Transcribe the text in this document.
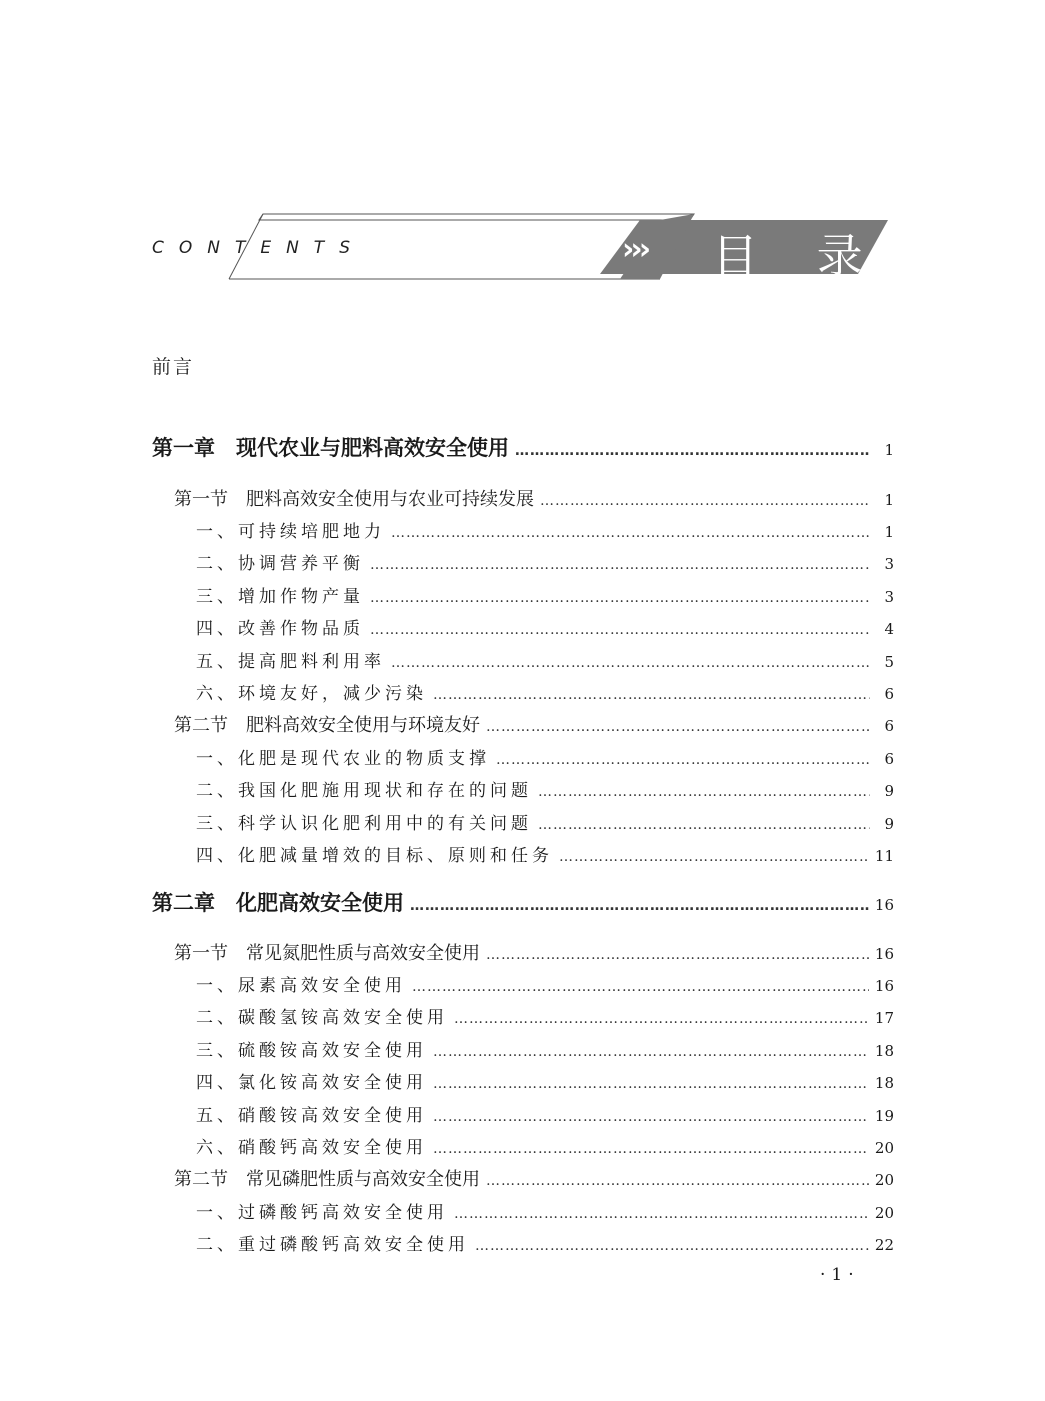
CONTENTS	››› 目 录
前言
第一章　现代农业与肥料高效安全使用 ……………………………………………………………………………………………………………………………………………………	1
第一节　肥料高效安全使用与农业可持续发展 ……………………………………………………………………………………………………………………………………………………	1
一、可持续培肥地力 ……………………………………………………………………………………………………………………………………………………	1
二、协调营养平衡 ……………………………………………………………………………………………………………………………………………………	3
三、增加作物产量 ……………………………………………………………………………………………………………………………………………………	3
四、改善作物品质 ……………………………………………………………………………………………………………………………………………………	4
五、提高肥料利用率 ……………………………………………………………………………………………………………………………………………………	5
六、环境友好，减少污染 ……………………………………………………………………………………………………………………………………………………	6
第二节　肥料高效安全使用与环境友好 ……………………………………………………………………………………………………………………………………………………	6
一、化肥是现代农业的物质支撑 ……………………………………………………………………………………………………………………………………………………	6
二、我国化肥施用现状和存在的问题 ……………………………………………………………………………………………………………………………………………………	9
三、科学认识化肥利用中的有关问题 ……………………………………………………………………………………………………………………………………………………	9
四、化肥减量增效的目标、原则和任务 ……………………………………………………………………………………………………………………………………………………	11
第二章　化肥高效安全使用 ……………………………………………………………………………………………………………………………………………………	16
第一节　常见氮肥性质与高效安全使用 ……………………………………………………………………………………………………………………………………………………	16
一、尿素高效安全使用 ……………………………………………………………………………………………………………………………………………………	16
二、碳酸氢铵高效安全使用 ……………………………………………………………………………………………………………………………………………………	17
三、硫酸铵高效安全使用 ……………………………………………………………………………………………………………………………………………………	18
四、氯化铵高效安全使用 ……………………………………………………………………………………………………………………………………………………	18
五、硝酸铵高效安全使用 ……………………………………………………………………………………………………………………………………………………	19
六、硝酸钙高效安全使用 ……………………………………………………………………………………………………………………………………………………	20
第二节　常见磷肥性质与高效安全使用 ……………………………………………………………………………………………………………………………………………………	20
一、过磷酸钙高效安全使用 ……………………………………………………………………………………………………………………………………………………	20
二、重过磷酸钙高效安全使用 ……………………………………………………………………………………………………………………………………………………	22
·1·
